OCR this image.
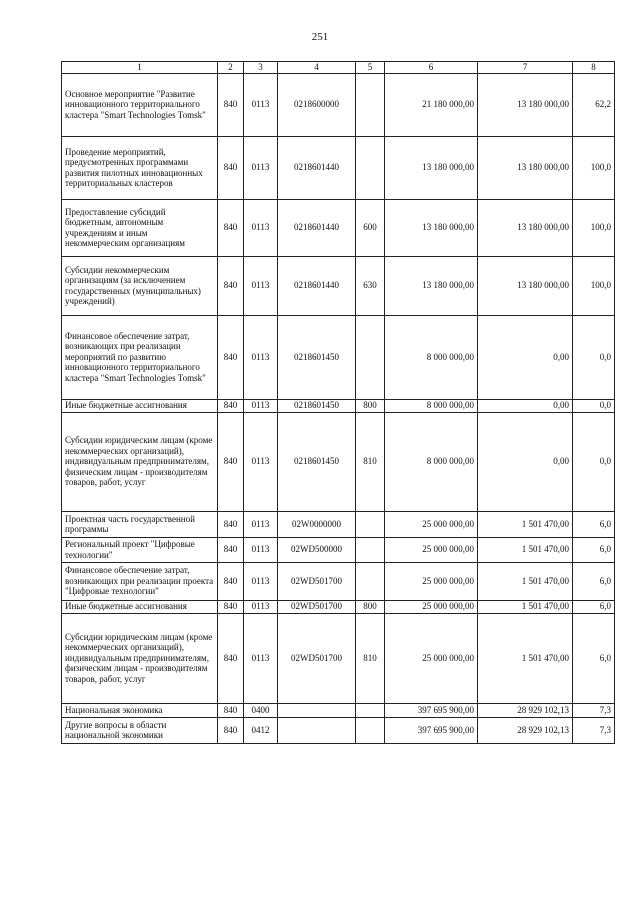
251
1	2	3	4	5	6	7	8
Основное мероприятие "Развитие инновационного территориального кластера "Smart Technologies Tomsk"	840	0113	0218600000		21 180 000,00	13 180 000,00	62,2
Проведение мероприятий, предусмотренных программами развития пилотных инновационных территориальных кластеров	840	0113	0218601440		13 180 000,00	13 180 000,00	100,0
Предоставление субсидий бюджетным, автономным учреждениям и иным некоммерческим организациям	840	0113	0218601440	600	13 180 000,00	13 180 000,00	100,0
Субсидии некоммерческим организациям (за исключением государственных (муниципальных) учреждений)	840	0113	0218601440	630	13 180 000,00	13 180 000,00	100,0
Финансовое обеспечение затрат, возникающих при реализации мероприятий по развитию инновационного территориального кластера "Smart Technologies Tomsk"	840	0113	0218601450		8 000 000,00	0,00	0,0
Иные бюджетные ассигнования	840	0113	0218601450	800	8 000 000,00	0,00	0,0
Субсидии юридическим лицам (кроме некоммерческих организаций), индивидуальным предпринимателям, физическим лицам - производителям товаров, работ, услуг	840	0113	0218601450	810	8 000 000,00	0,00	0,0
Проектная часть государственной программы	840	0113	02W0000000		25 000 000,00	1 501 470,00	6,0
Региональный проект "Цифровые технологии"	840	0113	02WD500000		25 000 000,00	1 501 470,00	6,0
Финансовое обеспечение затрат, возникающих при реализации проекта "Цифровые технологии"	840	0113	02WD501700		25 000 000,00	1 501 470,00	6,0
Иные бюджетные ассигнования	840	0113	02WD501700	800	25 000 000,00	1 501 470,00	6,0
Субсидии юридическим лицам (кроме некоммерческих организаций), индивидуальным предпринимателям, физическим лицам - производителям товаров, работ, услуг	840	0113	02WD501700	810	25 000 000,00	1 501 470,00	6,0
Национальная экономика	840	0400			397 695 900,00	28 929 102,13	7,3
Другие вопросы в области национальной экономики	840	0412			397 695 900,00	28 929 102,13	7,3
